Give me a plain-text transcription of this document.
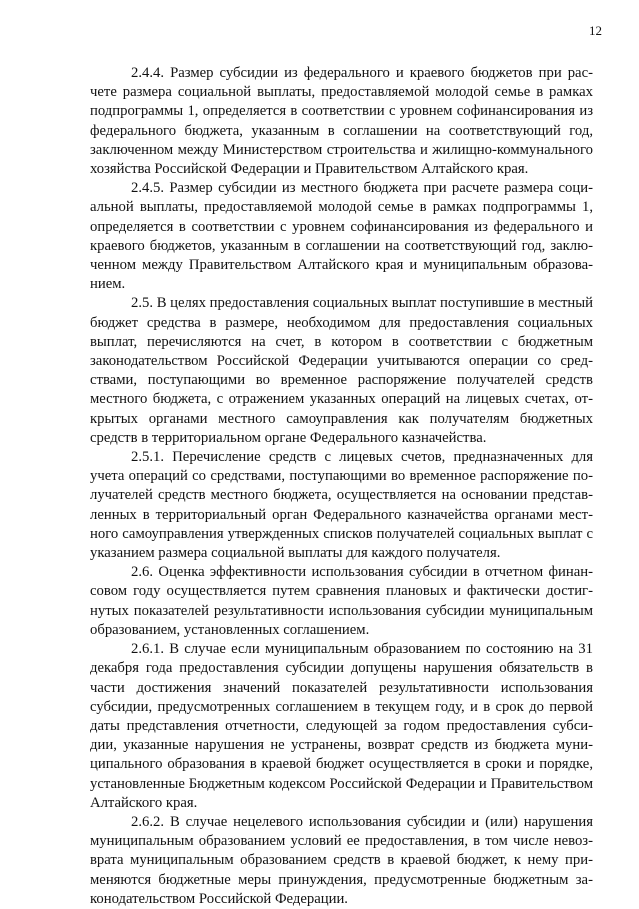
12

2.4.4. Размер субсидии из федерального и краевого бюджетов при расчете размера социальной выплаты, предоставляемой молодой семье в рамках подпрограммы 1, определяется в соответствии с уровнем софинансирования из федерального бюджета, указанным в соглашении на соответствующий год, заключенном между Министерством строительства и жилищно-коммунального хозяйства Российской Федерации и Правительством Алтайского края.

2.4.5. Размер субсидии из местного бюджета при расчете размера социальной выплаты, предоставляемой молодой семье в рамках подпрограммы 1, определяется в соответствии с уровнем софинансирования из федерального и краевого бюджетов, указанным в соглашении на соответствующий год, заключенном между Правительством Алтайского края и муниципальным образованием.

2.5. В целях предоставления социальных выплат поступившие в местный бюджет средства в размере, необходимом для предоставления социальных выплат, перечисляются на счет, в котором в соответствии с бюджетным законодательством Российской Федерации учитываются операции со средствами, поступающими во временное распоряжение получателей средств местного бюджета, с отражением указанных операций на лицевых счетах, открытых органами местного самоуправления как получателям бюджетных средств в территориальном органе Федерального казначейства.

2.5.1. Перечисление средств с лицевых счетов, предназначенных для учета операций со средствами, поступающими во временное распоряжение получателей средств местного бюджета, осуществляется на основании представленных в территориальный орган Федерального казначейства органами местного самоуправления утвержденных списков получателей социальных выплат с указанием размера социальной выплаты для каждого получателя.

2.6. Оценка эффективности использования субсидии в отчетном финансовом году осуществляется путем сравнения плановых и фактически достигнутых показателей результативности использования субсидии муниципальным образованием, установленных соглашением.

2.6.1. В случае если муниципальным образованием по состоянию на 31 декабря года предоставления субсидии допущены нарушения обязательств в части достижения значений показателей результативности использования субсидии, предусмотренных соглашением в текущем году, и в срок до первой даты представления отчетности, следующей за годом предоставления субсидии, указанные нарушения не устранены, возврат средств из бюджета муниципального образования в краевой бюджет осуществляется в сроки и порядке, установленные Бюджетным кодексом Российской Федерации и Правительством Алтайского края.

2.6.2. В случае нецелевого использования субсидии и (или) нарушения муниципальным образованием условий ее предоставления, в том числе невозврата муниципальным образованием средств в краевой бюджет, к нему применяются бюджетные меры принуждения, предусмотренные бюджетным законодательством Российской Федерации.
